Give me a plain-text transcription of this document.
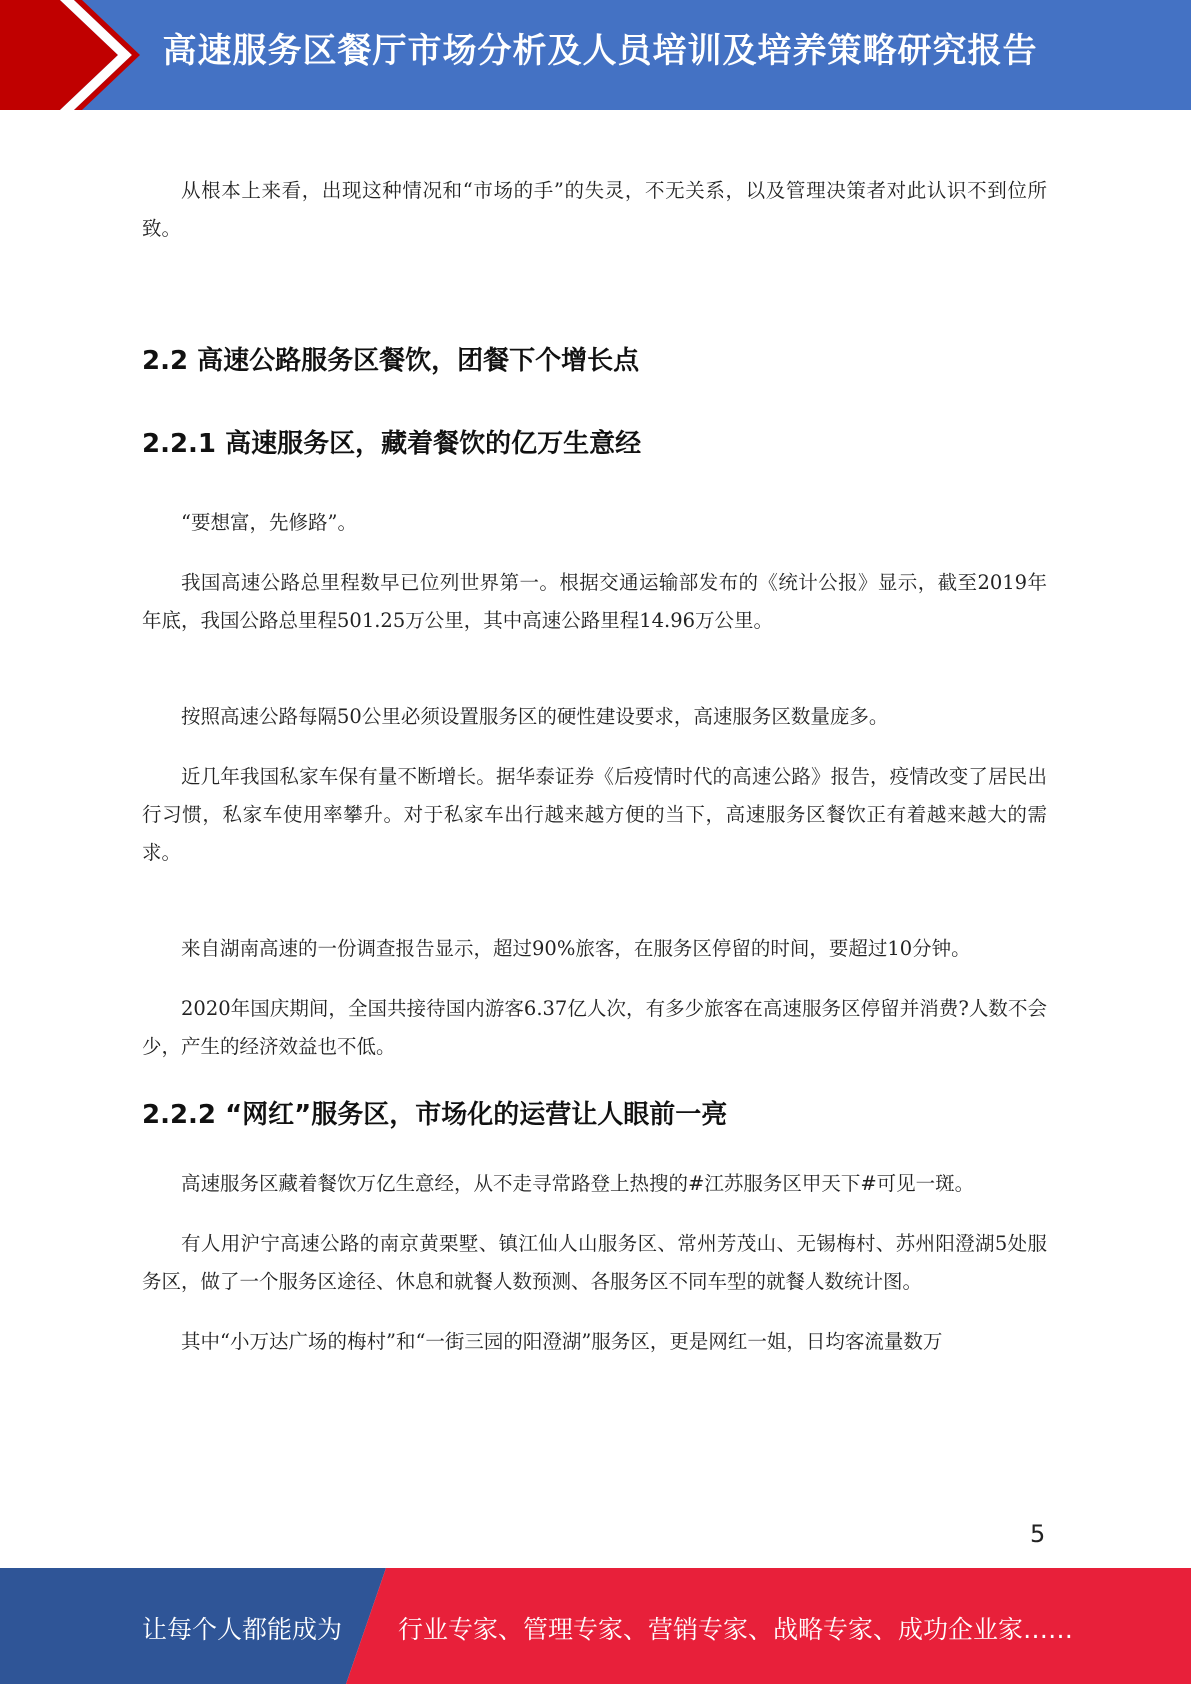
高速服务区餐厅市场分析及人员培训及培养策略研究报告

从根本上来看，出现这种情况和“市场的手”的失灵，不无关系，以及管理决策者对此认识不到位所致。

2.2 高速公路服务区餐饮，团餐下个增长点
2.2.1 高速服务区，藏着餐饮的亿万生意经

“要想富，先修路”。

我国高速公路总里程数早已位列世界第一。根据交通运输部发布的《统计公报》显示，截至2019年年底，我国公路总里程501.25万公里，其中高速公路里程14.96万公里。

按照高速公路每隔50公里必须设置服务区的硬性建设要求，高速服务区数量庞多。

近几年我国私家车保有量不断增长。据华泰证券《后疫情时代的高速公路》报告，疫情改变了居民出行习惯，私家车使用率攀升。对于私家车出行越来越方便的当下，高速服务区餐饮正有着越来越大的需求。

来自湖南高速的一份调查报告显示，超过90%旅客，在服务区停留的时间，要超过10分钟。

2020年国庆期间，全国共接待国内游客6.37亿人次，有多少旅客在高速服务区停留并消费?人数不会少，产生的经济效益也不低。

2.2.2 “网红”服务区，市场化的运营让人眼前一亮

高速服务区藏着餐饮万亿生意经，从不走寻常路登上热搜的#江苏服务区甲天下#可见一斑。

有人用沪宁高速公路的南京黄栗墅、镇江仙人山服务区、常州芳茂山、无锡梅村、苏州阳澄湖5处服务区，做了一个服务区途径、休息和就餐人数预测、各服务区不同车型的就餐人数统计图。

其中“小万达广场的梅村”和“一街三园的阳澄湖”服务区，更是网红一姐，日均客流量数万

5
让每个人都能成为 行业专家、管理专家、营销专家、战略专家、成功企业家……
